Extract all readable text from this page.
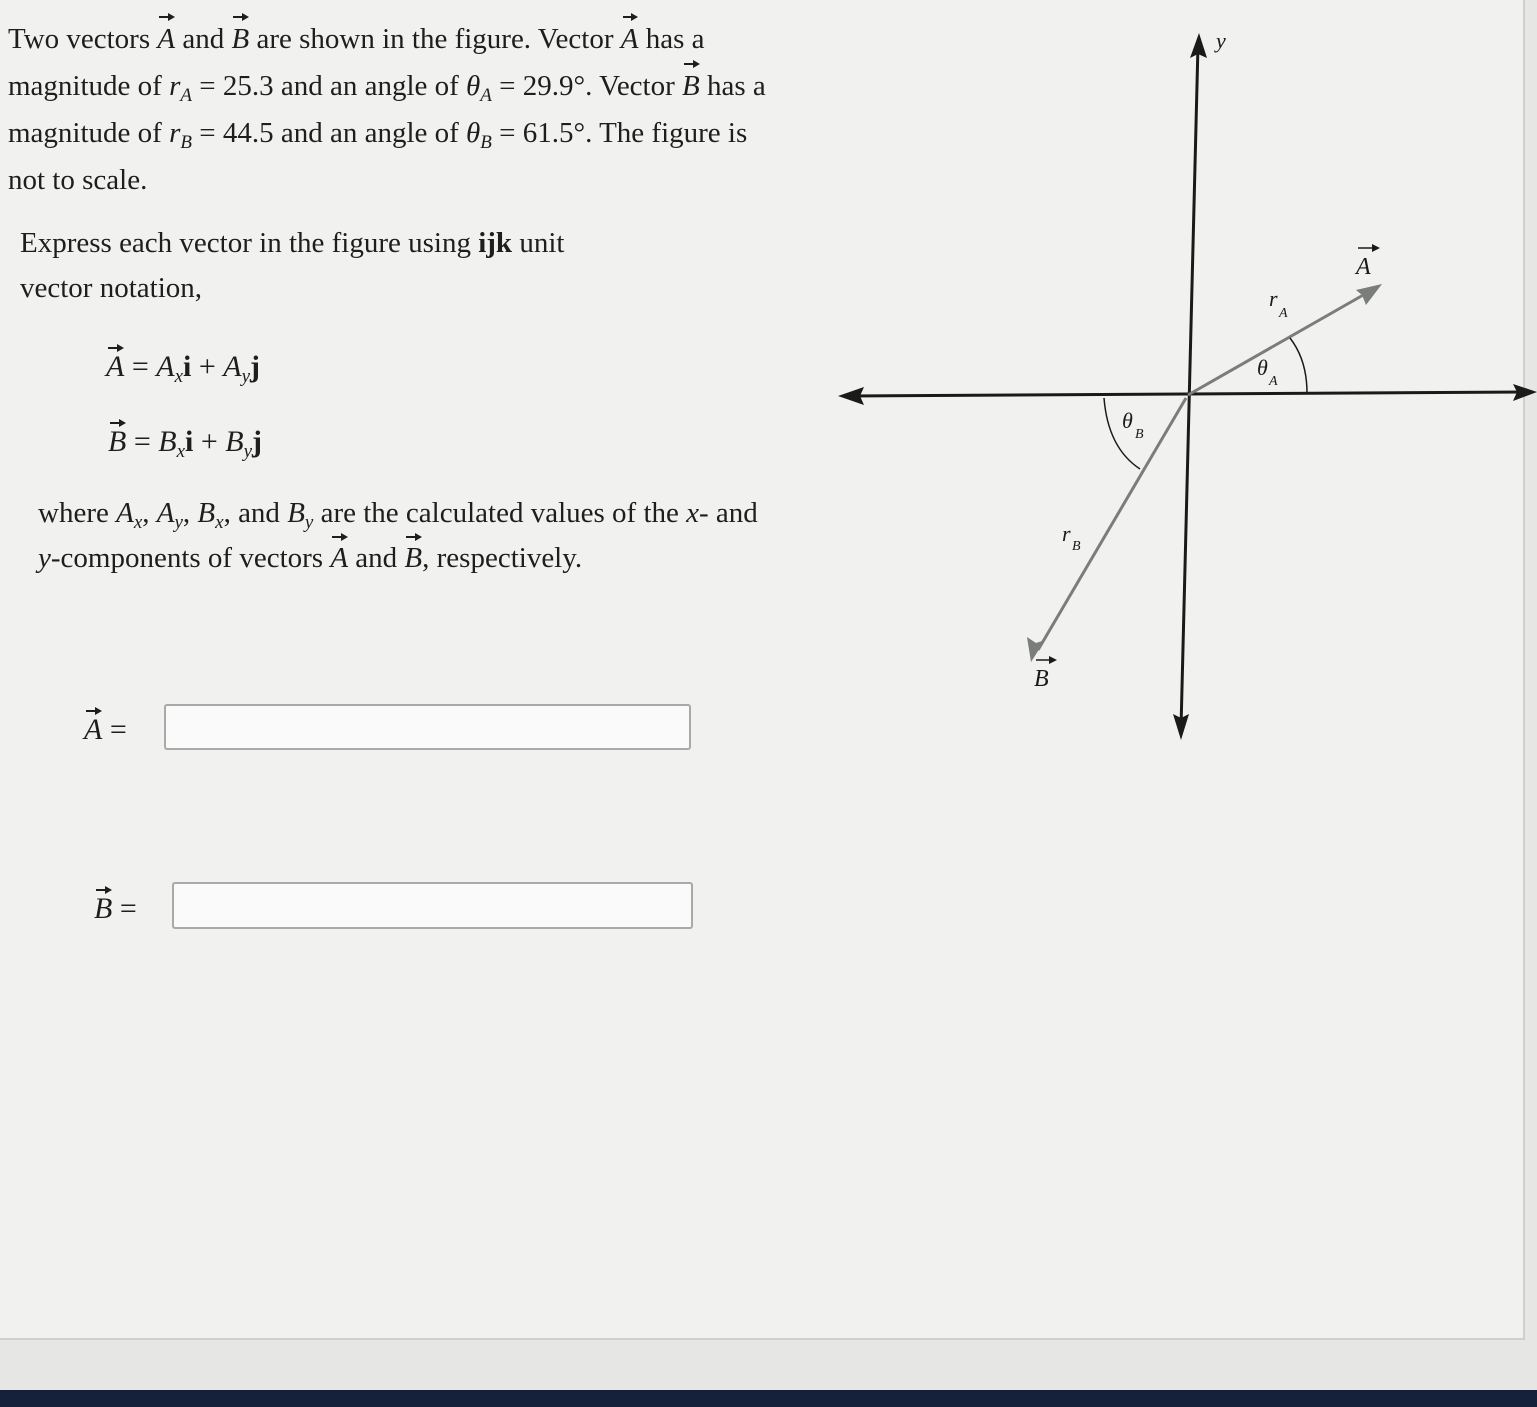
Two vectors A and B are shown in the figure. Vector A has a magnitude of $r_A = 25.3$ and an angle of $\theta_A = 29.9^\circ$. Vector B has a magnitude of $r_B = 44.5$ and an angle of $\theta_B = 61.5^\circ$. The figure is not to scale.

Express each vector in the figure using ijk unit vector notation,

$A = A_xi + A_yj$
$B = B_xi + B_yj$

where $A_x$, $A_y$, $B_x$, and $B_y$ are the calculated values of the x- and y-components of vectors A and B, respectively.

A =
B =
y
A
r
A
θ
A
B
r
B
θ
B
